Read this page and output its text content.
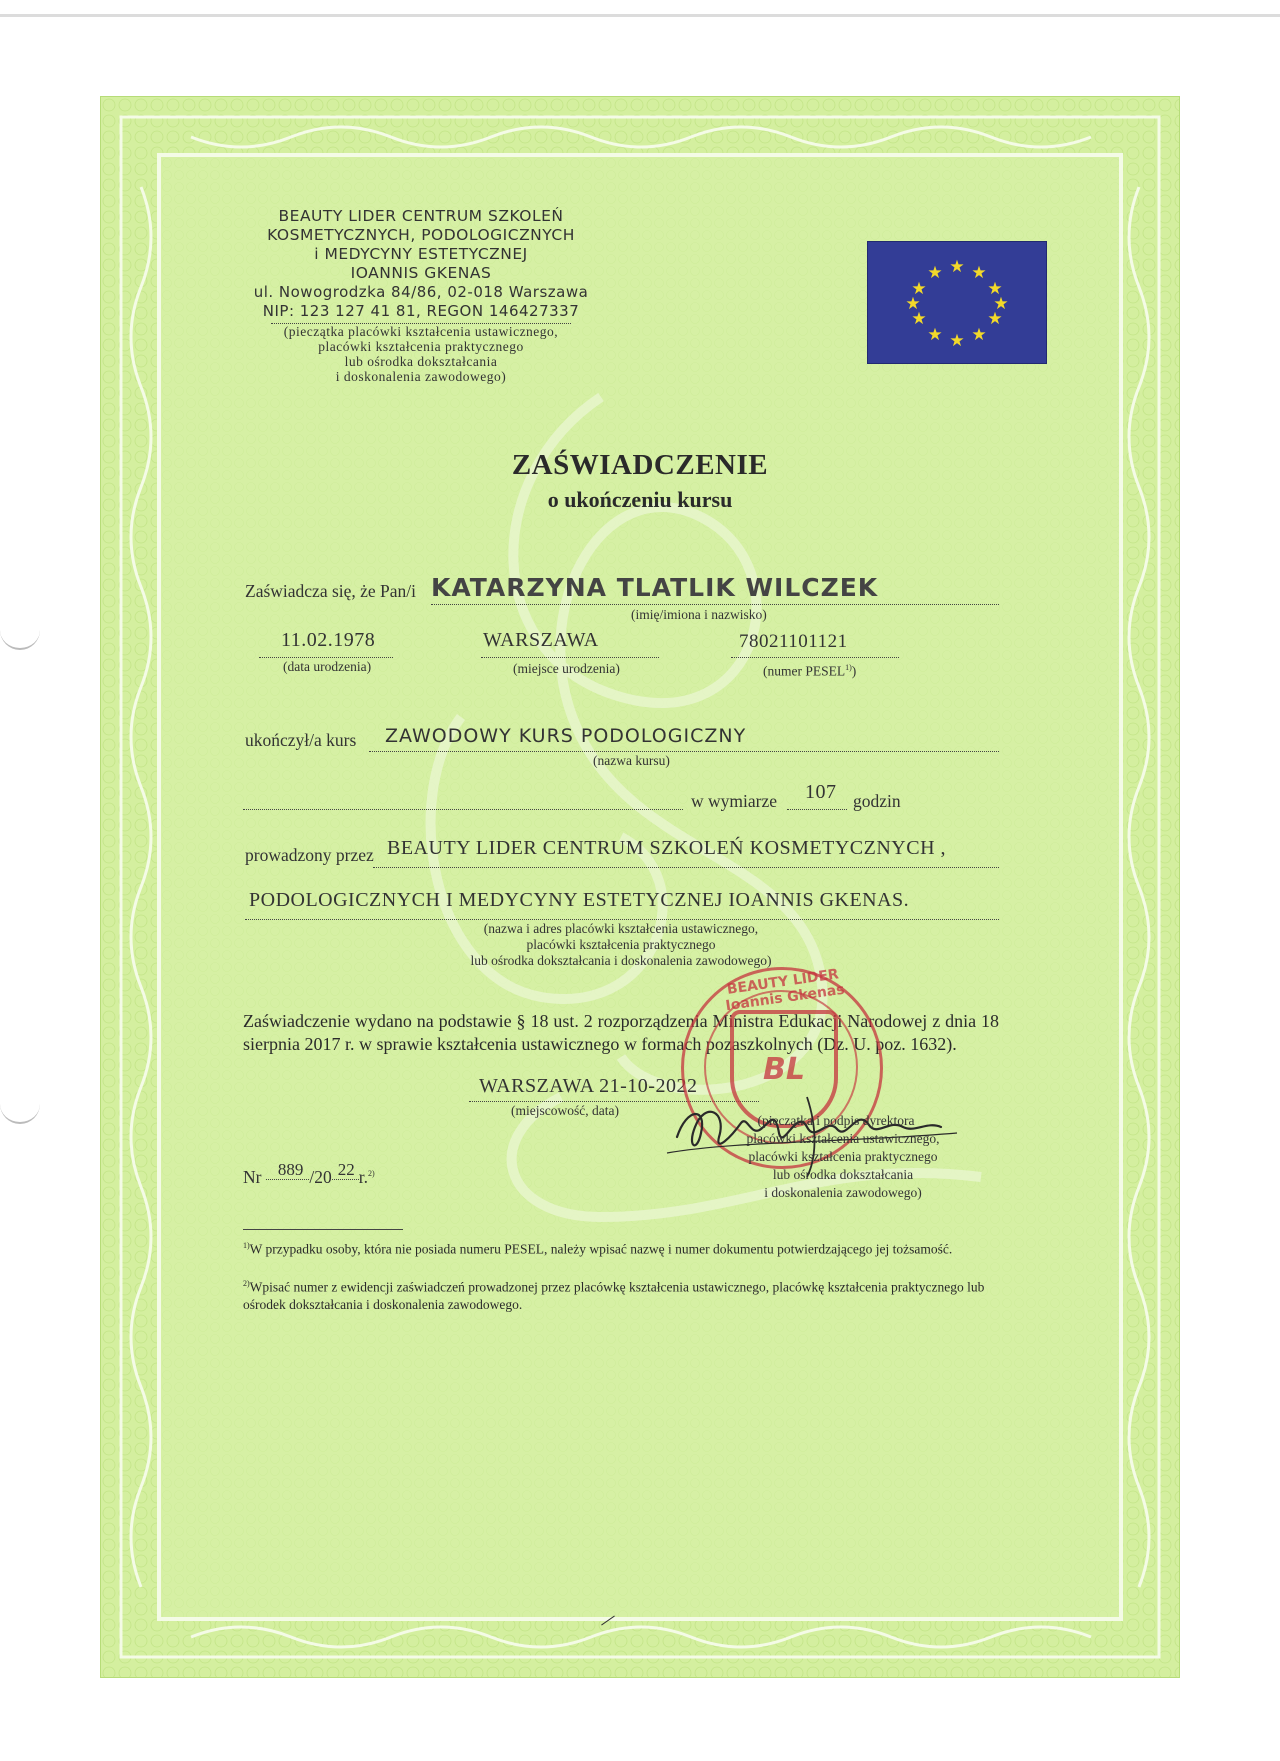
BEAUTY LIDER CENTRUM SZKOLEŃ
KOSMETYCZNYCH, PODOLOGICZNYCH
i MEDYCYNY ESTETYCZNEJ
IOANNIS GKENAS
ul. Nowogrodzka 84/86, 02-018 Warszawa
NIP: 123 127 41 81, REGON 146427337
(pieczątka placówki kształcenia ustawicznego,
placówki kształcenia praktycznego
lub ośrodka dokształcania
i doskonalenia zawodowego)
★ ★
★
★
★
★
★
★
★
★
★
★
ZAŚWIADCZENIE
o ukończeniu kursu
Zaświadcza się, że Pan/i KATARZYNA TLATLIK WILCZEK
(imię/imiona i nazwisko)
11.02.1978
(data urodzenia)
WARSZAWA
(miejsce urodzenia)
78021101121
(numer PESEL$^{1)}$)
ukończył/a kurs ZAWODOWY KURS PODOLOGICZNY
(nazwa kursu)
w wymiarze 107 godzin
prowadzony przez BEAUTY LIDER CENTRUM SZKOLEŃ KOSMETYCZNYCH ,
PODOLOGICZNYCH I MEDYCYNY ESTETYCZNEJ IOANNIS GKENAS.
(nazwa i adres placówki kształcenia ustawicznego,
placówki kształcenia praktycznego
lub ośrodka dokształcania i doskonalenia zawodowego)
Zaświadczenie wydano na podstawie § 18 ust. 2 rozporządzenia Ministra Edukacji Narodowej z dnia 18 sierpnia 2017 r. w sprawie kształcenia ustawicznego w formach pozaszkolnych (Dz. U. poz. 1632).
WARSZAWA 21-10-2022
(miejscowość, data)
Nr 889 /20 22 r.$^{2)}$
BEAUTY LIDER Ioannis Gkenas
BL
(pieczątka i podpis dyrektora
placówki kształcenia ustawicznego,
placówki kształcenia praktycznego
lub ośrodka dokształcania
i doskonalenia zawodowego)
$^{1)}$W przypadku osoby, która nie posiada numeru PESEL, należy wpisać nazwę i numer dokumentu potwierdzającego jej tożsamość.
$^{2)}$Wpisać numer z ewidencji zaświadczeń prowadzonej przez placówkę kształcenia ustawicznego, placówkę kształcenia praktycznego lub ośrodek dokształcania i doskonalenia zawodowego.
